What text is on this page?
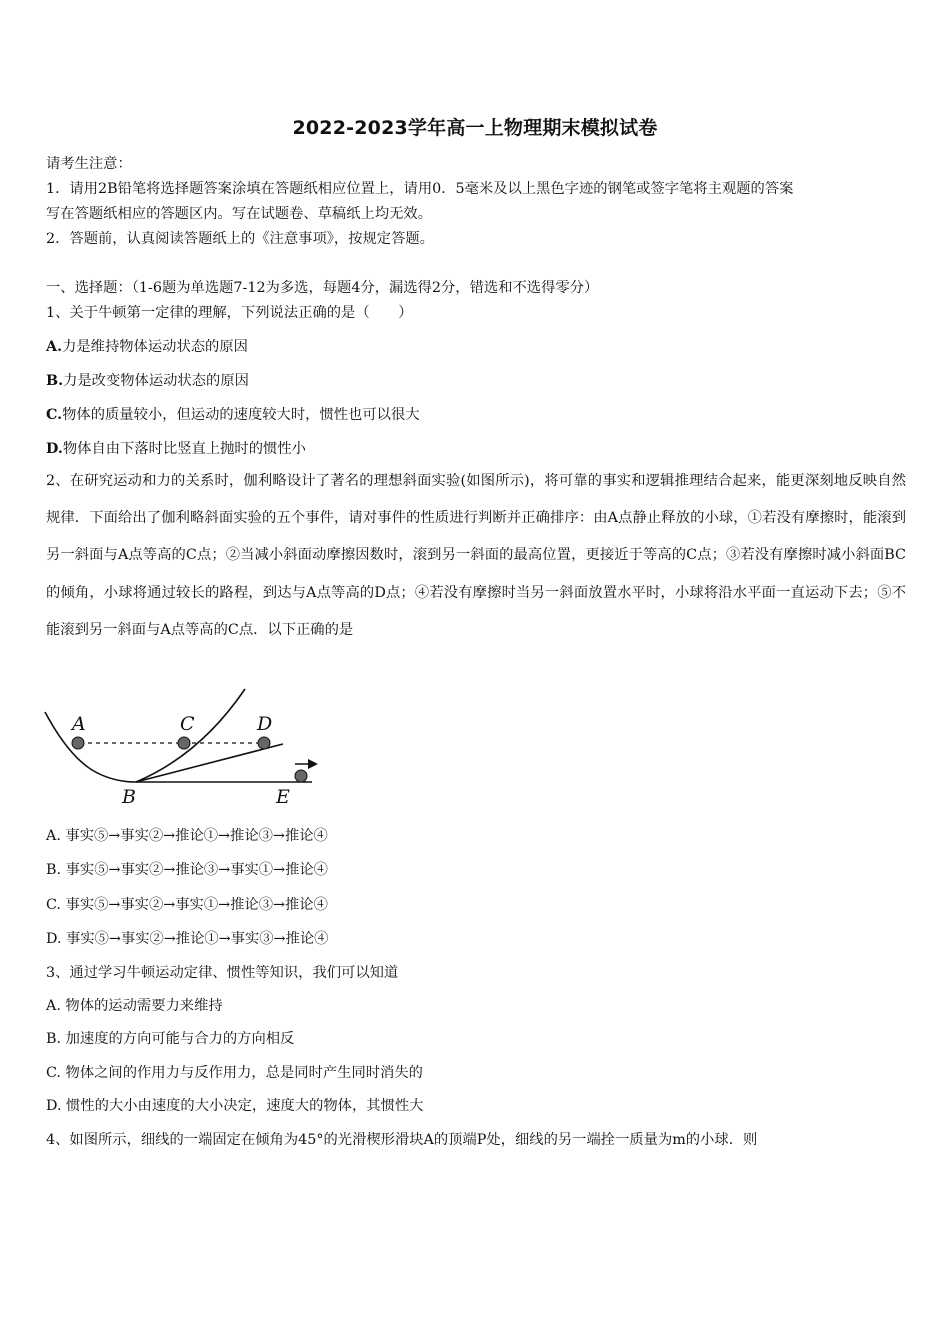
2022-2023学年高一上物理期末模拟试卷
请考生注意：
1．请用2B铅笔将选择题答案涂填在答题纸相应位置上，请用0．5毫米及以上黑色字迹的钢笔或签字笔将主观题的答案
写在答题纸相应的答题区内。写在试题卷、草稿纸上均无效。
2．答题前，认真阅读答题纸上的《注意事项》，按规定答题。
一、选择题：（1-6题为单选题7-12为多选，每题4分，漏选得2分，错选和不选得零分）
1、关于牛顿第一定律的理解，下列说法正确的是（　　）
A.力是维持物体运动状态的原因
B.力是改变物体运动状态的原因
C.物体的质量较小，但运动的速度较大时，惯性也可以很大
D.物体自由下落时比竖直上抛时的惯性小
2、在研究运动和力的关系时，伽利略设计了著名的理想斜面实验(如图所示)，将可靠的事实和逻辑推理结合起来，能更深刻地反映自然规律．下面给出了伽利略斜面实验的五个事件，请对事件的性质进行判断并正确排序：由A点静止释放的小球，①若没有摩擦时，能滚到另一斜面与A点等高的C点；②当减小斜面动摩擦因数时，滚到另一斜面的最高位置，更接近于等高的C点；③若没有摩擦时减小斜面BC的倾角，小球将通过较长的路程，到达与A点等高的D点；④若没有摩擦时当另一斜面放置水平时，小球将沿水平面一直运动下去；⑤不能滚到另一斜面与A点等高的C点．以下正确的是
A	C	D
B	E
A. 事实⑤→事实②→推论①→推论③→推论④
B. 事实⑤→事实②→推论③→事实①→推论④
C. 事实⑤→事实②→事实①→推论③→推论④
D. 事实⑤→事实②→推论①→事实③→推论④
3、通过学习牛顿运动定律、惯性等知识，我们可以知道
A. 物体的运动需要力来维持
B. 加速度的方向可能与合力的方向相反
C. 物体之间的作用力与反作用力，总是同时产生同时消失的
D. 惯性的大小由速度的大小决定，速度大的物体，其惯性大
4、如图所示，细线的一端固定在倾角为45°的光滑楔形滑块A的顶端P处，细线的另一端拴一质量为m的小球．则
